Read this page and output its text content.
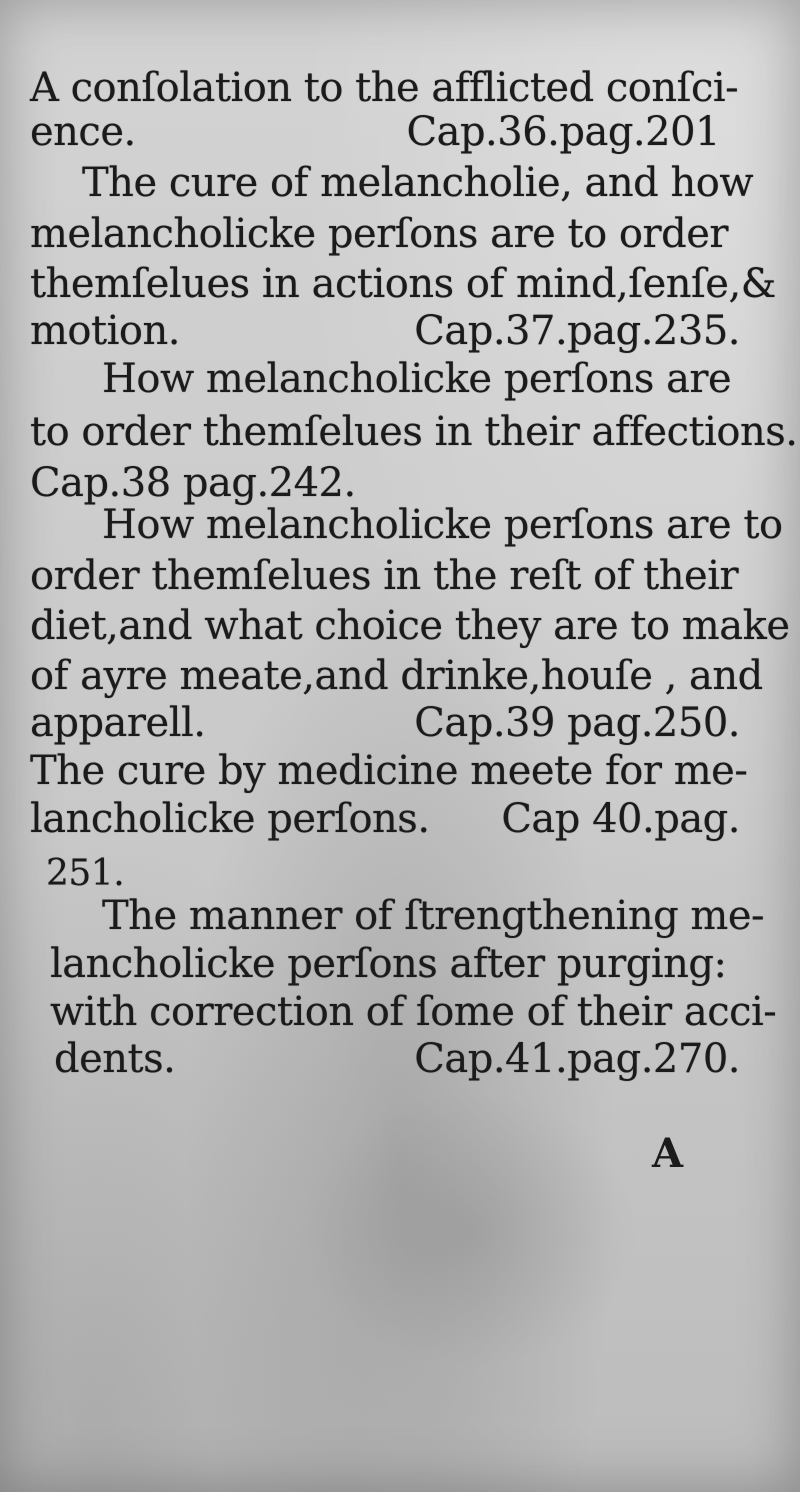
A conſolation to the afflicted conſci-
ence.	Cap.36.pag.201
The cure of melancholie, and how
melancholicke perſons are to order
themſelues in actions of mind,ſenſe,&
motion.	Cap.37.pag.235.
How melancholicke perſons are
to order themſelues in their affections.
Cap.38 pag.242.
How melancholicke perſons are to
order themſelues in the reſt of their
diet,and what choice they are to make
of ayre meate,and drinke,houſe , and
apparell.	Cap.39 pag.250.
The cure by medicine meete for me-
lancholicke perſons. Cap 40.pag.
251.
The manner of ſtrengthening me-
lancholicke perſons after purging:
with correction of ſome of their acci-
dents.	Cap.41.pag.270.
A
